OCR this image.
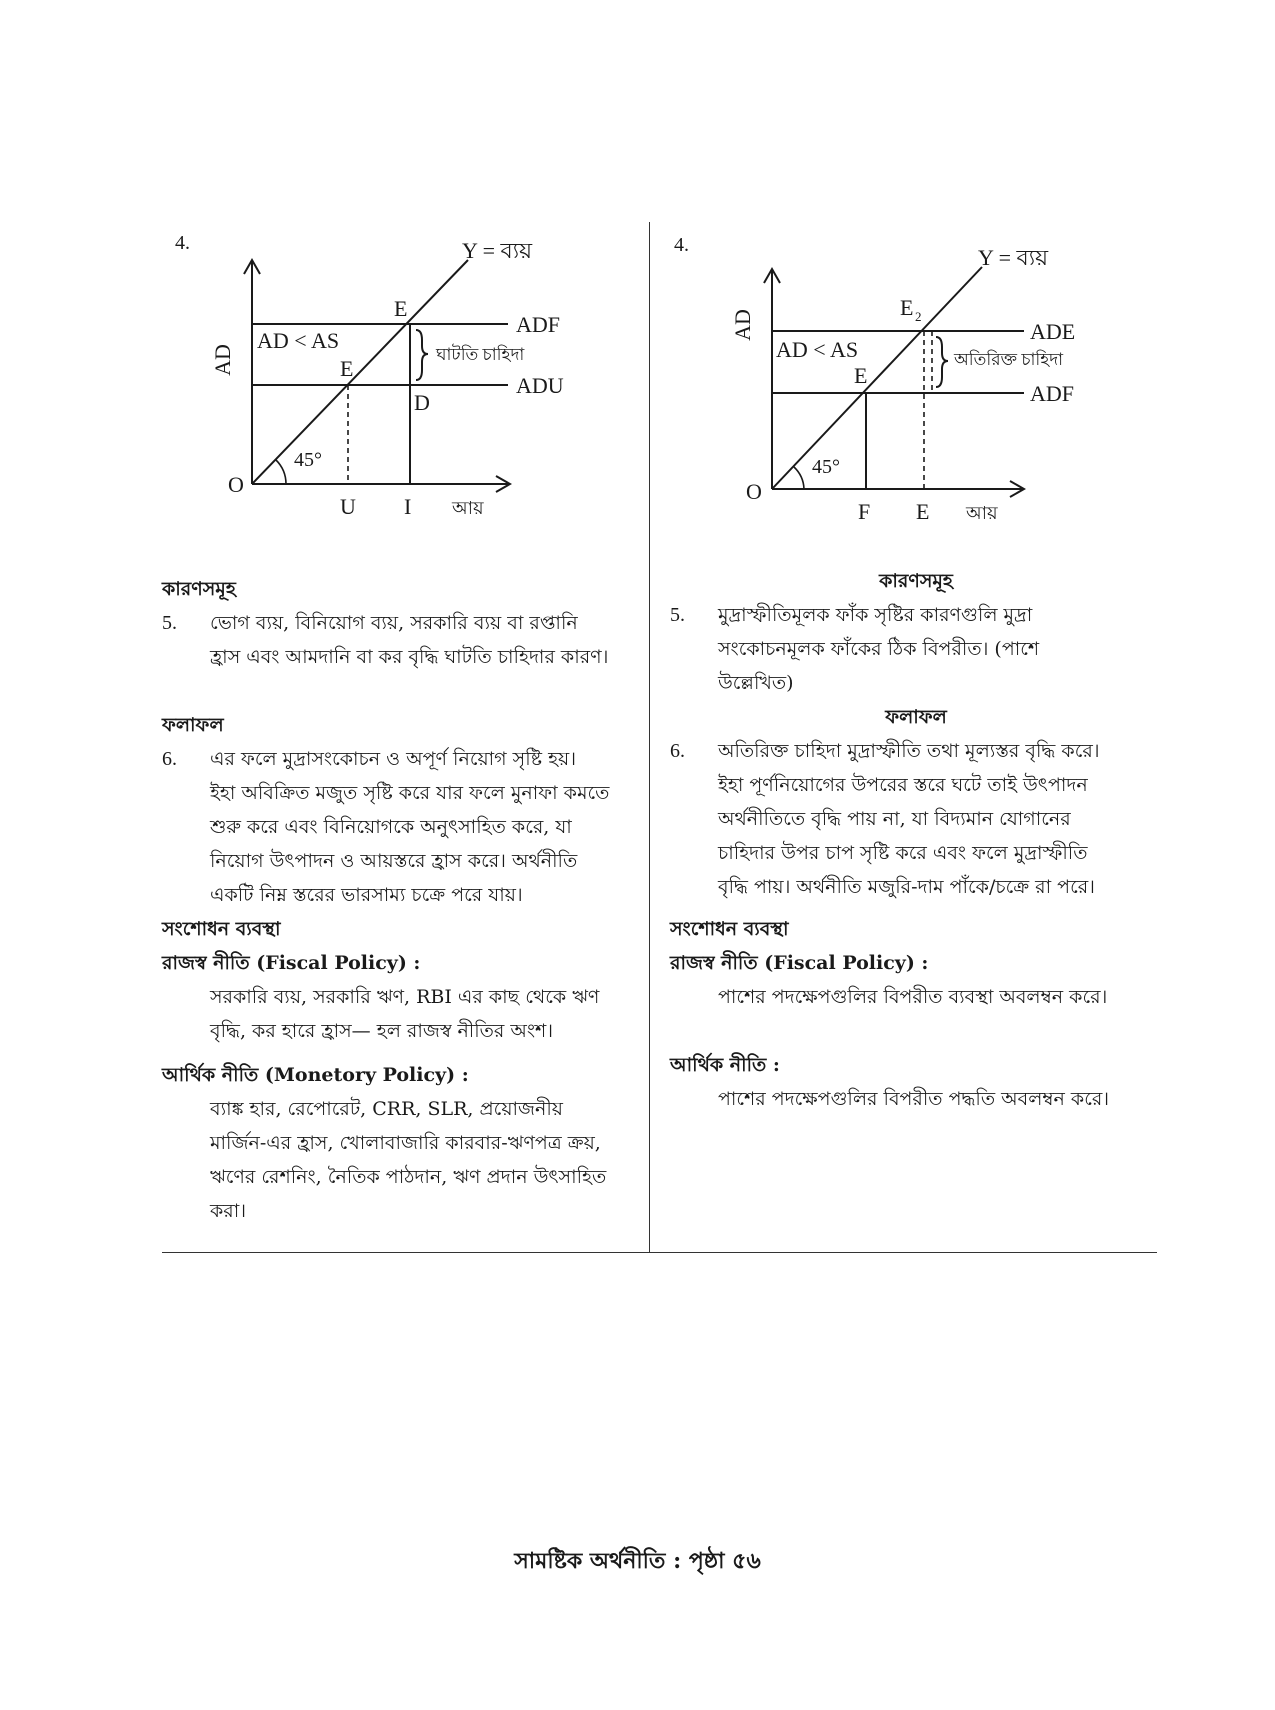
4.
AD
Y = ব্যয়
ADF
ADU
AD < AS
ঘাটতি চাহিদা
E
E
D
O
45°
U I আয়
4.
AD
Y = ব্যয়
ADE
ADF
AD < AS	অতিরিক্ত চাহিদা
E 2
E
O
45°
F E আয়
কারণসমূহ
5. ভোগ ব্যয়, বিনিয়োগ ব্যয়, সরকারি ব্যয় বা রপ্তানি
হ্রাস এবং আমদানি বা কর বৃদ্ধি ঘাটতি চাহিদার কারণ।
ফলাফল
6. এর ফলে মুদ্রাসংকোচন ও অপূর্ণ নিয়োগ সৃষ্টি হয়।
ইহা অবিক্রিত মজুত সৃষ্টি করে যার ফলে মুনাফা কমতে
শুরু করে এবং বিনিয়োগকে অনুৎসাহিত করে, যা
নিয়োগ উৎপাদন ও আয়স্তরে হ্রাস করে। অর্থনীতি
একটি নিম্ন স্তরের ভারসাম্য চক্রে পরে যায়।
সংশোধন ব্যবস্থা
রাজস্ব নীতি (Fiscal Policy) :
সরকারি ব্যয়, সরকারি ঋণ, RBI এর কাছ থেকে ঋণ
বৃদ্ধি, কর হারে হ্রাস— হল রাজস্ব নীতির অংশ।
আর্থিক নীতি (Monetory Policy) :
ব্যাঙ্ক হার, রেপোরেট, CRR, SLR, প্রয়োজনীয়
মার্জিন-এর হ্রাস, খোলাবাজারি কারবার-ঋণপত্র ক্রয়,
ঋণের রেশনিং, নৈতিক পাঠদান, ঋণ প্রদান উৎসাহিত
করা।
কারণসমূহ
5. মুদ্রাস্ফীতিমূলক ফাঁক সৃষ্টির কারণগুলি মুদ্রা
সংকোচনমূলক ফাঁকের ঠিক বিপরীত। (পাশে
উল্লেখিত)
ফলাফল
6. অতিরিক্ত চাহিদা মুদ্রাস্ফীতি তথা মূল্যস্তর বৃদ্ধি করে।
ইহা পূর্ণনিয়োগের উপরের স্তরে ঘটে তাই উৎপাদন
অর্থনীতিতে বৃদ্ধি পায় না, যা বিদ্যমান যোগানের
চাহিদার উপর চাপ সৃষ্টি করে এবং ফলে মুদ্রাস্ফীতি
বৃদ্ধি পায়। অর্থনীতি মজুরি-দাম পাঁকে/চক্রে রা পরে।
সংশোধন ব্যবস্থা
রাজস্ব নীতি (Fiscal Policy) :
পাশের পদক্ষেপগুলির বিপরীত ব্যবস্থা অবলম্বন করে।
আর্থিক নীতি :
পাশের পদক্ষেপগুলির বিপরীত পদ্ধতি অবলম্বন করে।
সামষ্টিক অর্থনীতি : পৃষ্ঠা ৫৬
